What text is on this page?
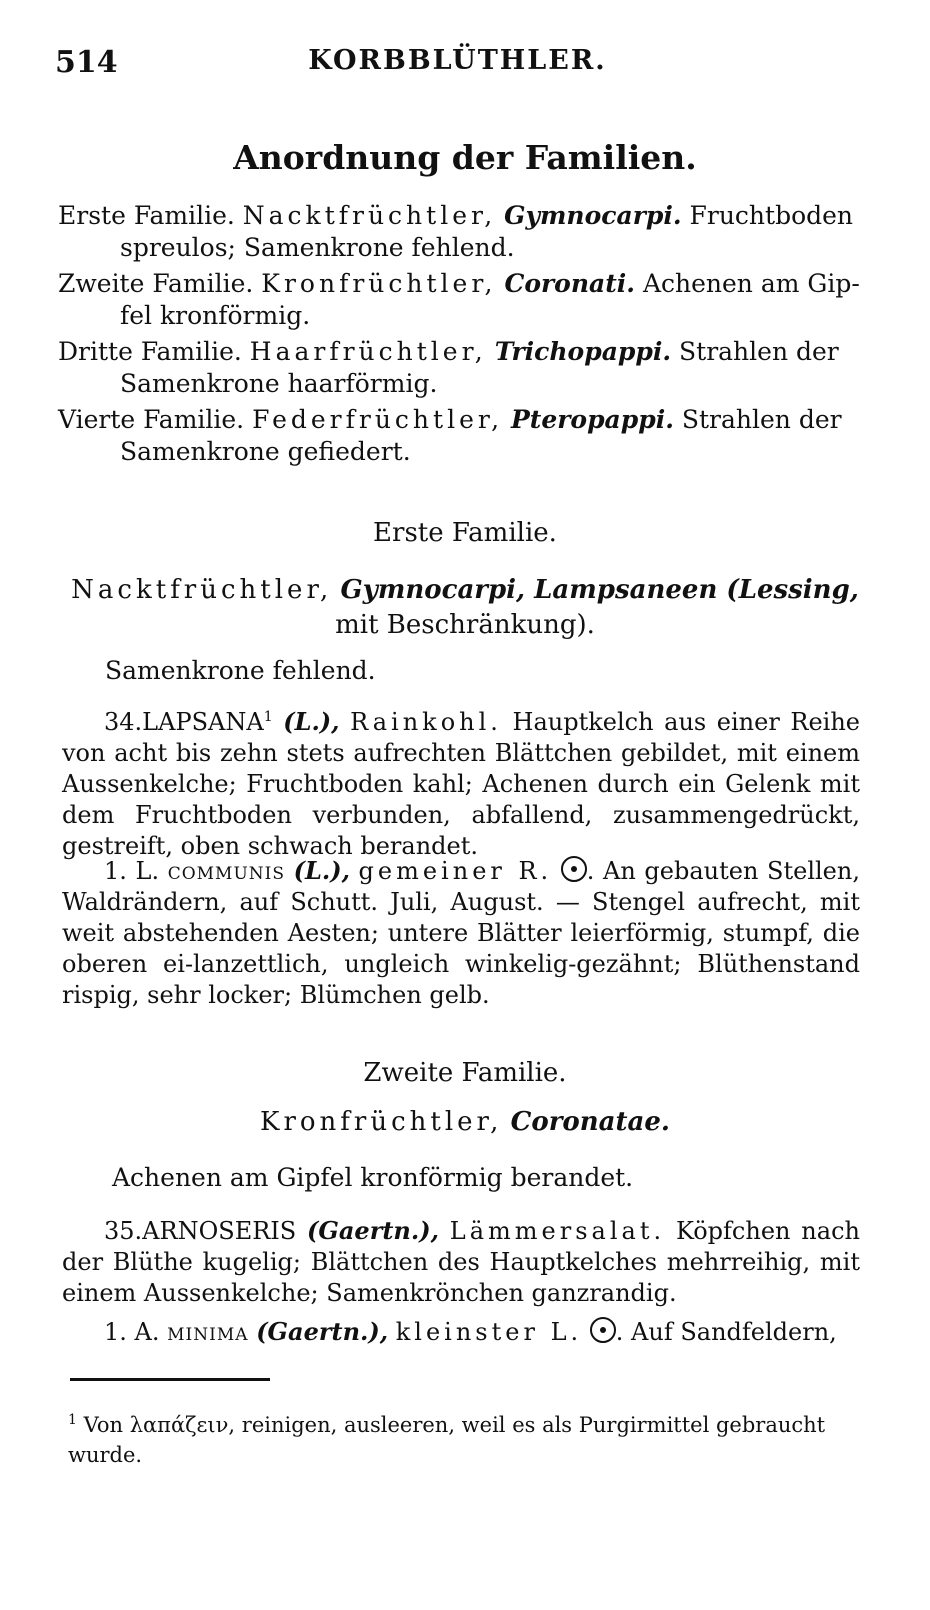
514	KORBBLÜTHLER.
Anordnung der Familien.
Erste Familie. Nacktfrüchtler, Gymnocarpi. Fruchtboden
spreulos; Samenkrone fehlend.
Zweite Familie. Kronfrüchtler, Coronati. Achenen am Gip-
fel kronförmig.
Dritte Familie. Haarfrüchtler, Trichopappi. Strahlen der
Samenkrone haarförmig.
Vierte Familie. Federfrüchtler, Pteropappi. Strahlen der
Samenkrone gefiedert.
Erste Familie.
Nacktfrüchtler, Gymnocarpi, Lampsaneen (Lessing,
mit Beschränkung).
Samenkrone fehlend.
34.LAPSANA$^1$ (L.), Rainkohl. Hauptkelch aus einer Reihe von acht bis zehn stets aufrechten Blättchen gebildet, mit einem Aussenkelche; Fruchtboden kahl; Achenen durch ein Gelenk mit dem Fruchtboden verbunden, abfallend, zusammengedrückt, gestreift, oben schwach berandet.
1. L. communis (L.), gemeiner R. . An gebauten Stellen, Waldrändern, auf Schutt. Juli, August. — Stengel aufrecht, mit weit abstehenden Aesten; untere Blätter leierförmig, stumpf, die oberen ei-lanzettlich, ungleich winkelig-gezähnt; Blüthenstand rispig, sehr locker; Blümchen gelb.
Zweite Familie.
Kronfrüchtler, Coronatae.
Achenen am Gipfel kronförmig berandet.
35.ARNOSERIS (Gaertn.), Lämmersalat. Köpfchen nach der Blüthe kugelig; Blättchen des Hauptkelches mehrreihig, mit einem Aussenkelche; Samenkrönchen ganzrandig.
1. A. minima (Gaertn.), kleinster L. . Auf Sandfeldern,
$^1$ Von λαπάζειν, reinigen, ausleeren, weil es als Purgirmittel gebraucht wurde.
